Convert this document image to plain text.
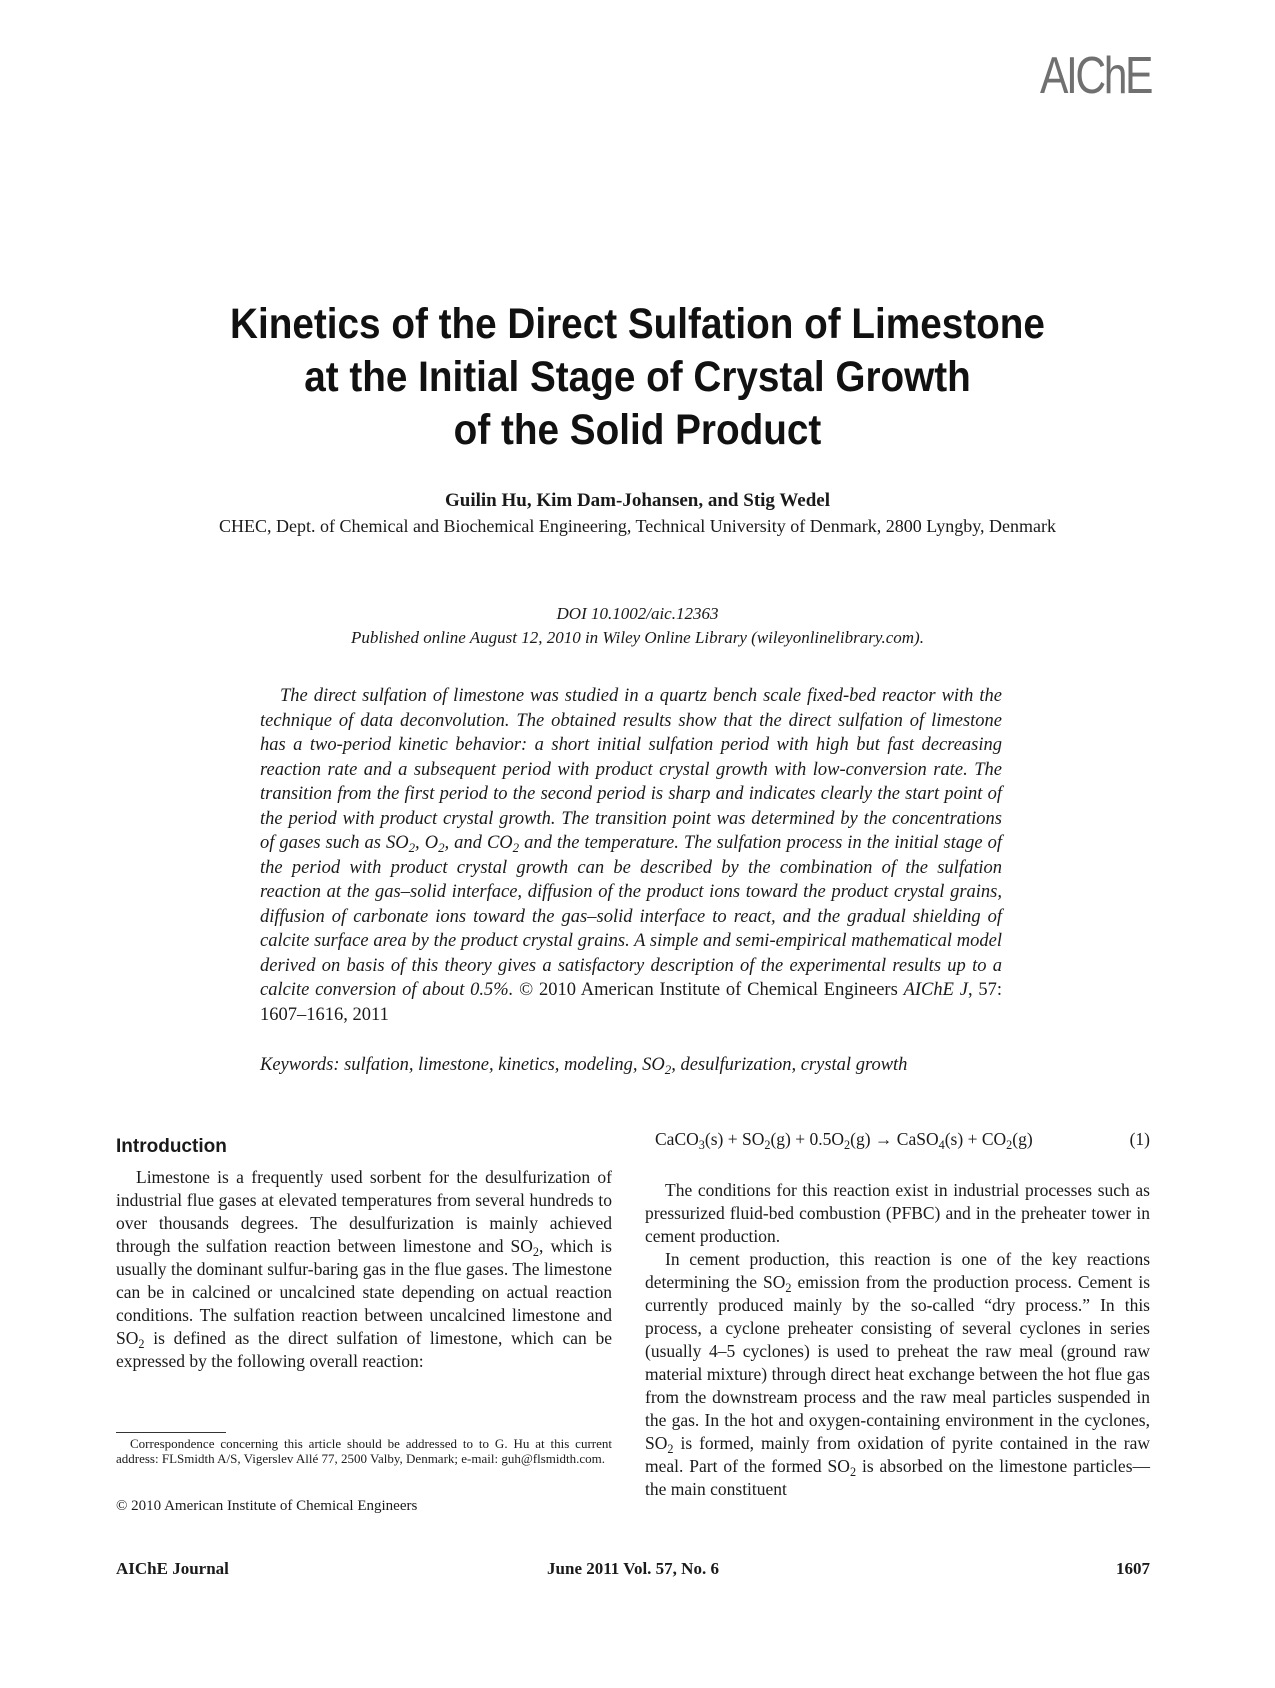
AIChE
Kinetics of the Direct Sulfation of Limestone
at the Initial Stage of Crystal Growth
of the Solid Product
Guilin Hu, Kim Dam-Johansen, and Stig Wedel
CHEC, Dept. of Chemical and Biochemical Engineering, Technical University of Denmark, 2800 Lyngby, Denmark
DOI 10.1002/aic.12363
Published online August 12, 2010 in Wiley Online Library (wileyonlinelibrary.com).

The direct sulfation of limestone was studied in a quartz bench scale fixed-bed reactor with the technique of data deconvolution. The obtained results show that the direct sulfation of limestone has a two-period kinetic behavior: a short initial sulfation period with high but fast decreasing reaction rate and a subsequent period with product crystal growth with low-conversion rate. The transition from the first period to the second period is sharp and indicates clearly the start point of the period with product crystal growth. The transition point was determined by the concentrations of gases such as $SO_2$, $O_2$, and $CO_2$ and the temperature. The sulfation process in the initial stage of the period with product crystal growth can be described by the combination of the sulfation reaction at the gas–solid interface, diffusion of the product ions toward the product crystal grains, diffusion of carbonate ions toward the gas–solid interface to react, and the gradual shielding of calcite surface area by the product crystal grains. A simple and semi-empirical mathematical model derived on basis of this theory gives a satisfactory description of the experimental results up to a calcite conversion of about 0.5%. © 2010 American Institute of Chemical Engineers AIChE J, 57: 1607–1616, 2011

Keywords: sulfation, limestone, kinetics, modeling, $SO_2$, desulfurization, crystal growth

Introduction

Limestone is a frequently used sorbent for the desulfurization of industrial flue gases at elevated temperatures from several hundreds to over thousands degrees. The desulfurization is mainly achieved through the sulfation reaction between limestone and $SO_2$, which is usually the dominant sulfur-baring gas in the flue gases. The limestone can be in calcined or uncalcined state depending on actual reaction conditions. The sulfation reaction between uncalcined limestone and $SO_2$ is defined as the direct sulfation of limestone, which can be expressed by the following overall reaction:

CaCO$_3$(s) + $SO_2(g) + 0.5O_2(g)$ → CaSO$_4$(s) + $CO_2(g)$	(1)

The conditions for this reaction exist in industrial processes such as pressurized fluid-bed combustion (PFBC) and in the preheater tower in cement production.

In cement production, this reaction is one of the key reactions determining the $SO_2$ emission from the production process. Cement is currently produced mainly by the so-called “dry process.” In this process, a cyclone preheater consisting of several cyclones in series (usually 4–5 cyclones) is used to preheat the raw meal (ground raw material mixture) through direct heat exchange between the hot flue gas from the downstream process and the raw meal particles suspended in the gas. In the hot and oxygen-containing environment in the cyclones, $SO_2$ is formed, mainly from oxidation of pyrite contained in the raw meal. Part of the formed $SO_2$ is absorbed on the limestone particles—the main constituent

Correspondence concerning this article should be addressed to to G. Hu at this current address: FLSmidth A/S, Vigerslev Allé 77, 2500 Valby, Denmark; e-mail: guh@flsmidth.com.

© 2010 American Institute of Chemical Engineers
June 2011 Vol. 57, No. 6
AIChE Journal	1607
